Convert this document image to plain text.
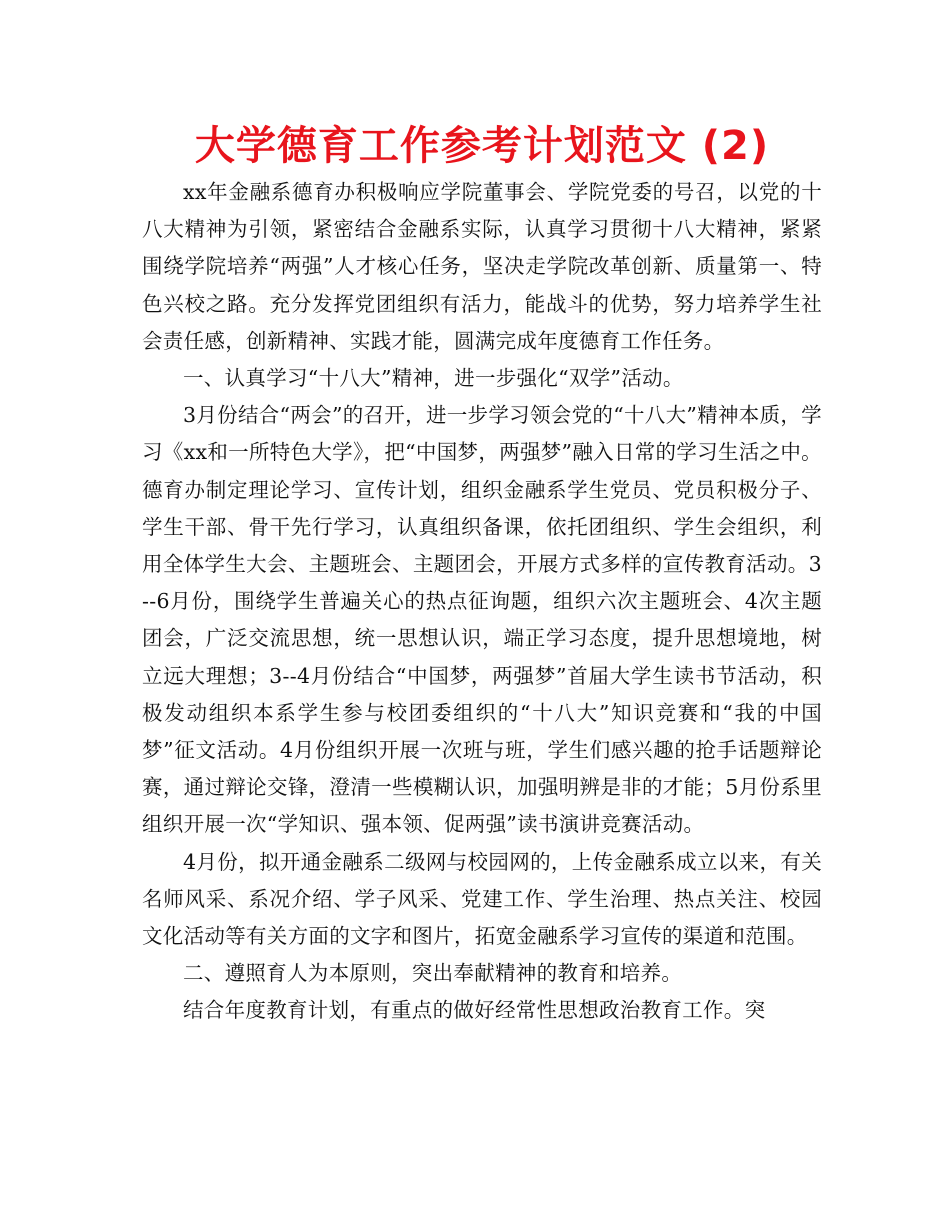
大学德育工作参考计划范文 (2)

xx年金融系德育办积极响应学院董事会、学院党委的号召，以党的十八大精神为引领，紧密结合金融系实际，认真学习贯彻十八大精神，紧紧围绕学院培养“两强”人才核心任务，坚决走学院改革创新、质量第一、特色兴校之路。充分发挥党团组织有活力，能战斗的优势，努力培养学生社会责任感，创新精神、实践才能，圆满完成年度德育工作任务。

一、认真学习“十八大”精神，进一步强化“双学”活动。

3月份结合“两会”的召开，进一步学习领会党的“十八大”精神本质，学习《xx和一所特色大学》，把“中国梦，两强梦”融入日常的学习生活之中。德育办制定理论学习、宣传计划，组织金融系学生党员、党员积极分子、学生干部、骨干先行学习，认真组织备课，依托团组织、学生会组织，利用全体学生大会、主题班会、主题团会，开展方式多样的宣传教育活动。3--6月份，围绕学生普遍关心的热点征询题，组织六次主题班会、4次主题团会，广泛交流思想，统一思想认识，端正学习态度，提升思想境地，树立远大理想；3--4月份结合“中国梦，两强梦”首届大学生读书节活动，积极发动组织本系学生参与校团委组织的“十八大”知识竞赛和“我的中国梦”征文活动。4月份组织开展一次班与班，学生们感兴趣的抢手话题辩论赛，通过辩论交锋，澄清一些模糊认识，加强明辨是非的才能；5月份系里组织开展一次“学知识、强本领、促两强”读书演讲竞赛活动。

4月份，拟开通金融系二级网与校园网的，上传金融系成立以来，有关名师风采、系况介绍、学子风采、党建工作、学生治理、热点关注、校园文化活动等有关方面的文字和图片，拓宽金融系学习宣传的渠道和范围。

二、遵照育人为本原则，突出奉献精神的教育和培养。

结合年度教育计划，有重点的做好经常性思想政治教育工作。突
